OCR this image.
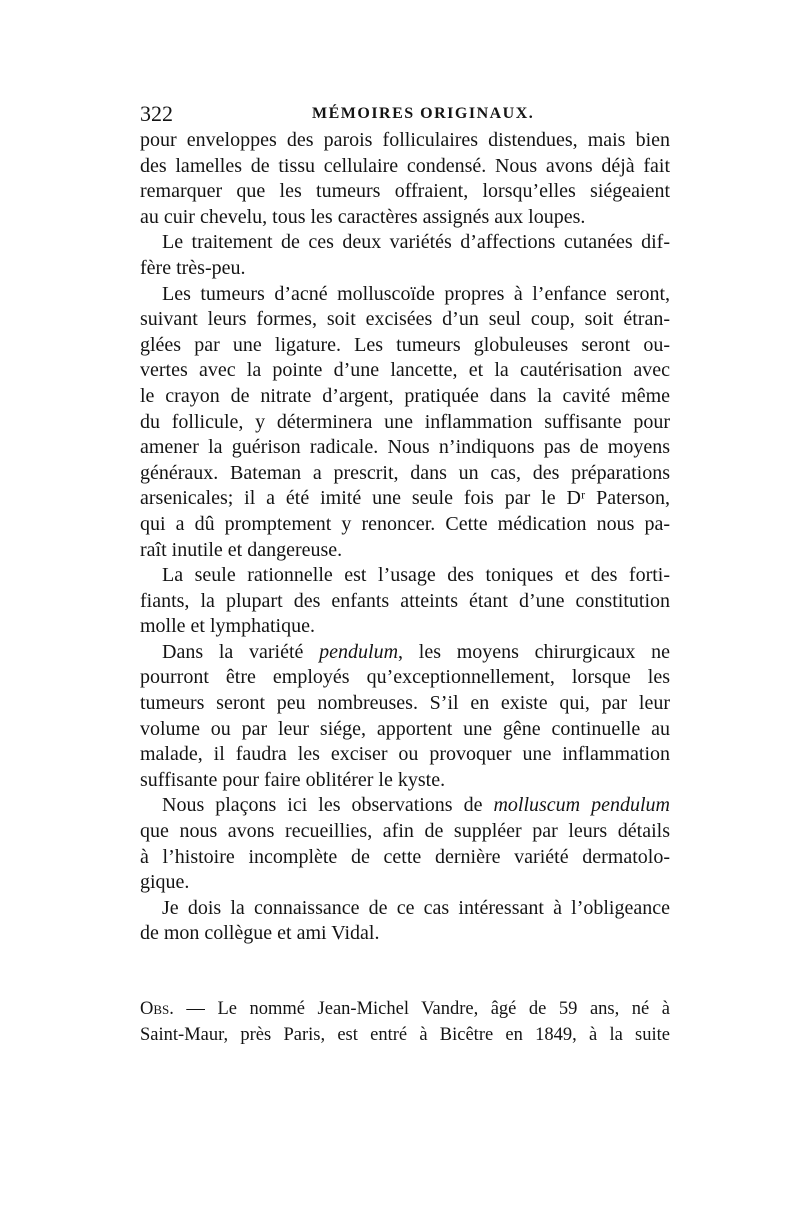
322	MÉMOIRES ORIGINAUX.
pour enveloppes des parois folliculaires distendues, mais bien
des lamelles de tissu cellulaire condensé. Nous avons déjà fait
remarquer que les tumeurs offraient, lorsqu’elles siégeaient
au cuir chevelu, tous les caractères assignés aux loupes.
Le traitement de ces deux variétés d’affections cutanées dif-
fère très-peu.
Les tumeurs d’acné molluscoïde propres à l’enfance seront,
suivant leurs formes, soit excisées d’un seul coup, soit étran-
glées par une ligature. Les tumeurs globuleuses seront ou-
vertes avec la pointe d’une lancette, et la cautérisation avec
le crayon de nitrate d’argent, pratiquée dans la cavité même
du follicule, y déterminera une inflammation suffisante pour
amener la guérison radicale. Nous n’indiquons pas de moyens
généraux. Bateman a prescrit, dans un cas, des préparations
arsenicales; il a été imité une seule fois par le Dʳ Paterson,
qui a dû promptement y renoncer. Cette médication nous pa-
raît inutile et dangereuse.
La seule rationnelle est l’usage des toniques et des forti-
fiants, la plupart des enfants atteints étant d’une constitution
molle et lymphatique.
Dans la variété pendulum, les moyens chirurgicaux ne
pourront être employés qu’exceptionnellement, lorsque les
tumeurs seront peu nombreuses. S’il en existe qui, par leur
volume ou par leur siége, apportent une gêne continuelle au
malade, il faudra les exciser ou provoquer une inflammation
suffisante pour faire oblitérer le kyste.
Nous plaçons ici les observations de molluscum pendulum
que nous avons recueillies, afin de suppléer par leurs détails
à l’histoire incomplète de cette dernière variété dermatolo-
gique.
Je dois la connaissance de ce cas intéressant à l’obligeance
de mon collègue et ami Vidal.
Obs. — Le nommé Jean-Michel Vandre, âgé de 59 ans, né à
Saint-Maur, près Paris, est entré à Bicêtre en 1849, à la suite
